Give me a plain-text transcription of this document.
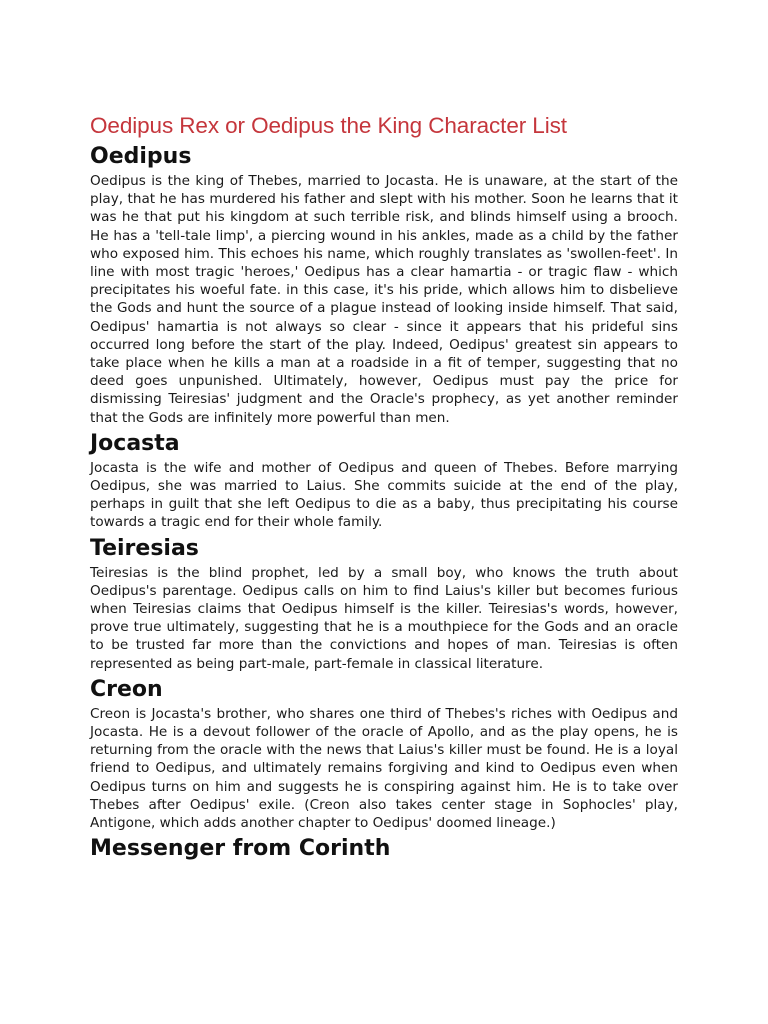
Oedipus Rex or Oedipus the King Character List
Oedipus

Oedipus is the king of Thebes, married to Jocasta. He is unaware, at the start of the play, that he has murdered his father and slept with his mother. Soon he learns that it was he that put his kingdom at such terrible risk, and blinds himself using a brooch. He has a 'tell-tale limp', a piercing wound in his ankles, made as a child by the father who exposed him. This echoes his name, which roughly translates as 'swollen-feet'. In line with most tragic 'heroes,' Oedipus has a clear hamartia - or tragic flaw - which precipitates his woeful fate. in this case, it's his pride, which allows him to disbelieve the Gods and hunt the source of a plague instead of looking inside himself. That said, Oedipus' hamartia is not always so clear - since it appears that his prideful sins occurred long before the start of the play. Indeed, Oedipus' greatest sin appears to take place when he kills a man at a roadside in a fit of temper, suggesting that no deed goes unpunished. Ultimately, however, Oedipus must pay the price for dismissing Teiresias' judgment and the Oracle's prophecy, as yet another reminder that the Gods are infinitely more powerful than men.

Jocasta

Jocasta is the wife and mother of Oedipus and queen of Thebes. Before marrying Oedipus, she was married to Laius. She commits suicide at the end of the play, perhaps in guilt that she left Oedipus to die as a baby, thus precipitating his course towards a tragic end for their whole family.

Teiresias

Teiresias is the blind prophet, led by a small boy, who knows the truth about Oedipus's parentage. Oedipus calls on him to find Laius's killer but becomes furious when Teiresias claims that Oedipus himself is the killer. Teiresias's words, however, prove true ultimately, suggesting that he is a mouthpiece for the Gods and an oracle to be trusted far more than the convictions and hopes of man. Teiresias is often represented as being part-male, part-female in classical literature.

Creon

Creon is Jocasta's brother, who shares one third of Thebes's riches with Oedipus and Jocasta. He is a devout follower of the oracle of Apollo, and as the play opens, he is returning from the oracle with the news that Laius's killer must be found. He is a loyal friend to Oedipus, and ultimately remains forgiving and kind to Oedipus even when Oedipus turns on him and suggests he is conspiring against him. He is to take over Thebes after Oedipus' exile. (Creon also takes center stage in Sophocles' play, Antigone, which adds another chapter to Oedipus' doomed lineage.)

Messenger from Corinth
